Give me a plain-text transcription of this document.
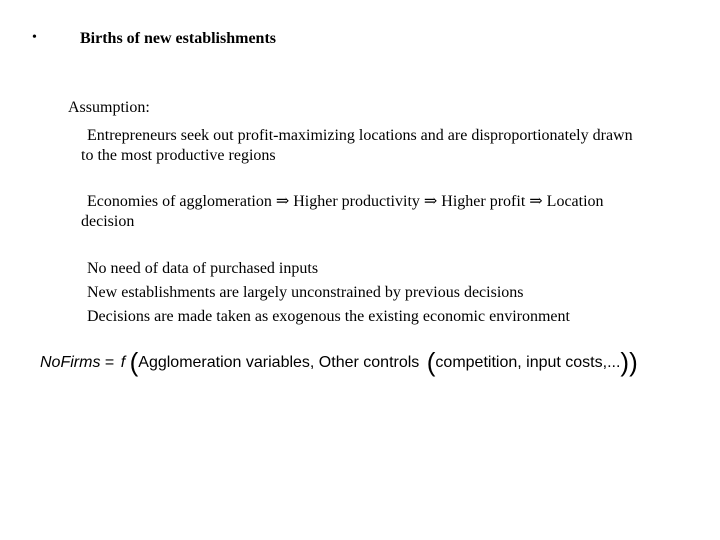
•	Births of new establishments
Assumption:
Entrepreneurs seek out profit-maximizing locations and are disproportionately drawn
to the most productive regions
Economies of agglomeration ⇒ Higher productivity ⇒ Higher profit ⇒ Location
decision
No need of data of purchased inputs
New establishments are largely unconstrained by previous decisions
Decisions are made taken as exogenous the existing economic environment
NoFirms = f (Agglomeration variables, Other controls (competition, input costs,...))
